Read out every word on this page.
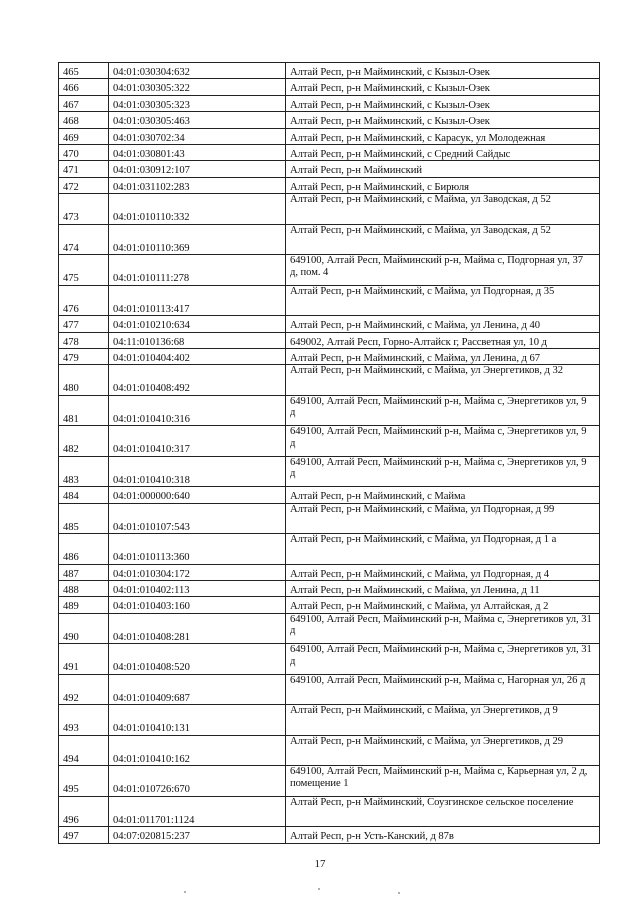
465	04:01:030304:632	Алтай Респ, р-н Майминский, с Кызыл-Озек
466	04:01:030305:322	Алтай Респ, р-н Майминский, с Кызыл-Озек
467	04:01:030305:323	Алтай Респ, р-н Майминский, с Кызыл-Озек
468	04:01:030305:463	Алтай Респ, р-н Майминский, с Кызыл-Озек
469	04:01:030702:34	Алтай Респ, р-н Майминский, с Карасук, ул Молодежная
470	04:01:030801:43	Алтай Респ, р-н Майминский, с Средний Сайдыс
471	04:01:030912:107	Алтай Респ, р-н Майминский
472	04:01:031102:283	Алтай Респ, р-н Майминский, с Бирюля
473	04:01:010110:332	Алтай Респ, р-н Майминский, с Майма, ул Заводская, д 52
474	04:01:010110:369	Алтай Респ, р-н Майминский, с Майма, ул Заводская, д 52
475	04:01:010111:278	649100, Алтай Респ, Майминский р-н, Майма с, Подгорная ул, 37 д, пом. 4
476	04:01:010113:417	Алтай Респ, р-н Майминский, с Майма, ул Подгорная, д 35
477	04:01:010210:634	Алтай Респ, р-н Майминский, с Майма, ул Ленина, д 40
478	04:11:010136:68	649002, Алтай Респ, Горно-Алтайск г, Рассветная ул, 10 д
479	04:01:010404:402	Алтай Респ, р-н Майминский, с Майма, ул Ленина, д 67
480	04:01:010408:492	Алтай Респ, р-н Майминский, с Майма, ул Энергетиков, д 32
481	04:01:010410:316	649100, Алтай Респ, Майминский р-н, Майма с, Энергетиков ул, 9 д
482	04:01:010410:317	649100, Алтай Респ, Майминский р-н, Майма с, Энергетиков ул, 9 д
483	04:01:010410:318	649100, Алтай Респ, Майминский р-н, Майма с, Энергетиков ул, 9 д
484	04:01:000000:640	Алтай Респ, р-н Майминский, с Майма
485	04:01:010107:543	Алтай Респ, р-н Майминский, с Майма, ул Подгорная, д 99
486	04:01:010113:360	Алтай Респ, р-н Майминский, с Майма, ул Подгорная, д 1 а
487	04:01:010304:172	Алтай Респ, р-н Майминский, с Майма, ул Подгорная, д 4
488	04:01:010402:113	Алтай Респ, р-н Майминский, с Майма, ул Ленина, д 11
489	04:01:010403:160	Алтай Респ, р-н Майминский, с Майма, ул Алтайская, д 2
490	04:01:010408:281	649100, Алтай Респ, Майминский р-н, Майма с, Энергетиков ул, 31 д
491	04:01:010408:520	649100, Алтай Респ, Майминский р-н, Майма с, Энергетиков ул, 31 д
492	04:01:010409:687	649100, Алтай Респ, Майминский р-н, Майма с, Нагорная ул, 26 д
493	04:01:010410:131	Алтай Респ, р-н Майминский, с Майма, ул Энергетиков, д 9
494	04:01:010410:162	Алтай Респ, р-н Майминский, с Майма, ул Энергетиков, д 29
495	04:01:010726:670	649100, Алтай Респ, Майминский р-н, Майма с, Карьерная ул, 2 д, помещение 1
496	04:01:011701:1124	Алтай Респ, р-н Майминский, Соузгинское сельское поселение
497	04:07:020815:237	Алтай Респ, р-н Усть-Канский, д 87в
17
